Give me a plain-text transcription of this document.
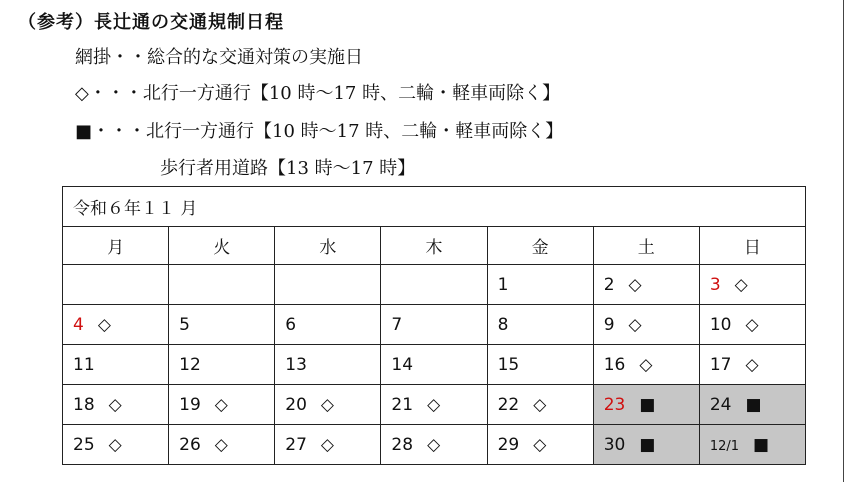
（参考）長辻通の交通規制日程
網掛・・総合的な交通対策の実施日
◇・・・北行一方通行【10 時～17 時、二輪・軽車両除く】
■・・・北行一方通行【10 時～17 時、二輪・軽車両除く】
歩行者用道路【13 時～17 時】
令和６年１１ 月						
月	火	水	木	金	土	日
				1	2 ◇	3 ◇
4 ◇	5	6	7	8	9 ◇	10 ◇
11	12	13	14	15	16 ◇	17 ◇
18 ◇	19 ◇	20 ◇	21 ◇	22 ◇	23 ■	24 ■
25 ◇	26 ◇	27 ◇	28 ◇	29 ◇	30 ■	12/1 ■
